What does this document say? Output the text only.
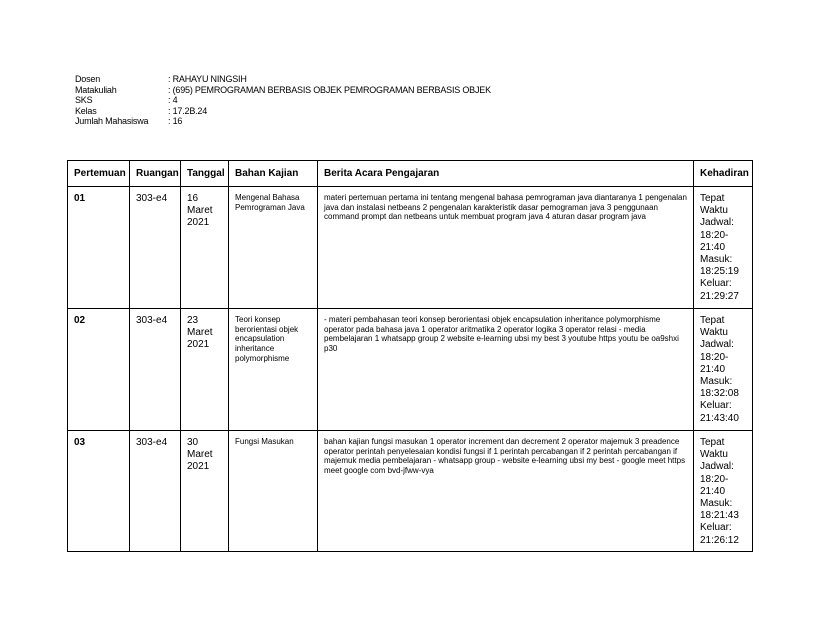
Dosen	: RAHAYU NINGSIH
Matakuliah	: (695) PEMROGRAMAN BERBASIS OBJEK PEMROGRAMAN BERBASIS OBJEK
SKS	: 4
Kelas	: 17.2B.24
Jumlah Mahasiswa	: 16
Pertemuan	Ruangan	Tanggal	Bahan Kajian	Berita Acara Pengajaran	Kehadiran
01	303-e4	16 Maret 2021	Mengenal Bahasa Pemrograman Java	materi pertemuan pertama ini tentang mengenal bahasa pemrograman java diantaranya 1 pengenalan java dan instalasi netbeans 2 pengenalan karakteristik dasar pemograman java 3 penggunaan command prompt dan netbeans untuk membuat program java 4 aturan dasar program java	Tepat Waktu Jadwal: 18:20-21:40 Masuk: 18:25:19 Keluar: 21:29:27
02	303-e4	23 Maret 2021	Teori konsep berorientasi objek encapsulation inheritance polymorphisme	- materi pembahasan teori konsep berorientasi objek encapsulation inheritance polymorphisme operator pada bahasa java 1 operator aritmatika 2 operator logika 3 operator relasi - media pembelajaran 1 whatsapp group 2 website e-learning ubsi my best 3 youtube https youtu be oa9shxi p30	Tepat Waktu Jadwal: 18:20-21:40 Masuk: 18:32:08 Keluar: 21:43:40
03	303-e4	30 Maret 2021	Fungsi Masukan	bahan kajian fungsi masukan 1 operator increment dan decrement 2 operator majemuk 3 preadence operator perintah penyelesaian kondisi fungsi if 1 perintah percabangan if 2 perintah percabangan if majemuk media pembelajaran - whatsapp group - website e-learning ubsi my best - google meet https meet google com bvd-jfww-vya	Tepat Waktu Jadwal: 18:20-21:40 Masuk: 18:21:43 Keluar: 21:26:12
